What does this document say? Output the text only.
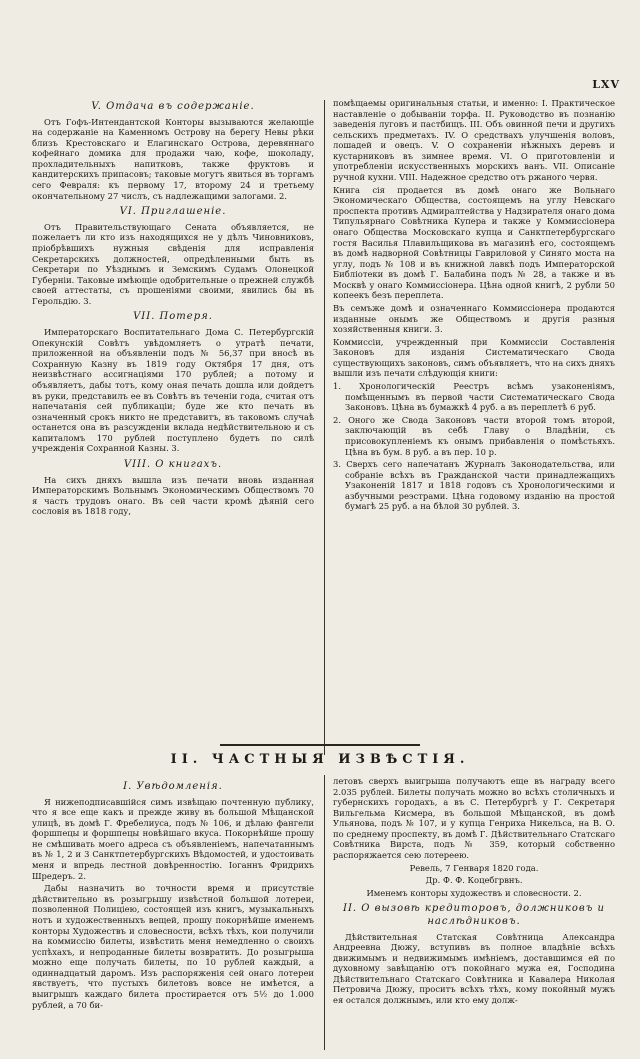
LXV
V. Отдача въ содержаніе.

Отъ Гофъ-Интендантской Конторы вызываются желающіе на содержаніе на Каменномъ Острову на берегу Невы рѣки близъ Крестовскаго и Елагинскаго Острова, деревяннаго кофейнаго домика для продажи чаю, кофе, шоколаду, прохладительныхъ напитковъ, также фруктовъ и кандитерскихъ припасовъ; таковые могутъ явиться въ торгамъ сего Февраля: къ первому 17, второму 24 и третьему окончательному 27 числъ, съ надлежащими залогами. 2.

VI. Приглашеніе.

Отъ Правительствующаго Сената объявляется, не пожелаетъ ли кто изъ находящихся не у дѣлъ Чиновниковъ, пріобрѣвшихъ нужныя свѣденія для исправленія Секретарскихъ должностей, опредѣленными быть въ Секретари по Уѣзднымъ и Земскимъ Судамъ Олонецкой Губерніи. Таковые имѣющіе одобрительные о прежней службѣ своей аттестаты, съ прошеніями своими, явились бы въ Герольдію. 3.

VII. Потеря.

Императорскаго Воспитательнаго Дома С. Петербургскій Опекунскій Совѣтъ увѣдомляетъ о утратѣ печати, приложенной на объявленіи подъ № 56,37 при вносѣ въ Сохранную Казну въ 1819 году Октября 17 дня, отъ неизвѣстнаго ассигнаціями 170 рублей; а потому и объявляетъ, дабы тотъ, кому оная печать дошла или дойдетъ въ руки, представилъ ее въ Совѣтъ въ теченіи года, считая отъ напечатанія сей публикаціи; буде же кто печать въ означенный срокъ никто не представитъ, въ таковомъ случаѣ останется она въ разсужденіи вклада недѣйствительною и съ капиталомъ 170 рублей поступлено будетъ по силѣ учрежденія Сохранной Казны. 3.

VIII. О книгахъ.

На сихъ дняхъ вышла изъ печати вновь изданная Императорскимъ Вольнымъ Экономическимъ Обществомъ 70 я часть трудовъ онаго. Въ сей части кромѣ дѣяній сего сословія въ 1818 году,

помѣщаемы оригинальныя статьи, и именно: I. Практическое наставленіе о добываніи торфа. II. Руководство въ познанію заведенія луговъ и пастбищъ. III. Объ овинной печи и другихъ сельскихъ предметахъ. IV. О средствахъ улучшенія воловъ, лошадей и овецъ. V. О сохраненіи нѣжныхъ деревъ и кустарниковъ въ зимнее время. VI. О приготовленіи и употребленіи искусственныхъ морскихъ ванъ. VII. Описаніе ручной кухни. VIII. Надежное средство отъ ржаного червя.

Книга сія продается въ домѣ онаго же Вольнаго Экономическаго Общества, состоящемъ на углу Невскаго проспекта противъ Адмиралтейства у Надзирателя онаго дома Типульярнаго Совѣтника Купера и также у Коммиссіонера онаго Общества Московскаго купца и Санктпетербургскаго гостя Василья Плавильщикова въ магазинѣ его, состоящемъ въ домѣ надворной Совѣтницы Гавриловой у Синяго моста на углу, подъ № 108 и въ книжной лавкѣ подъ Императорской Библіотеки въ домѣ Г. Балабина подъ № 28, а также и въ Москвѣ у онаго Коммиссіонера. Цѣна одной книгѣ, 2 рубли 50 копеекъ безъ переплета.

Въ семъже домѣ и означеннаго Коммиссіонера продаются изданные онымъ же Обществомъ и другія разныя хозяйственныя книги. 3.

Коммиссіи, учрежденный при Коммиссіи Составленія Законовъ для изданія Систематическаго Свода существующихъ законовъ, симъ объявляетъ, что на сихъ дняхъ вышли изъ печати слѣдующія книги:

1. Хронологическій Реестръ всѣмъ узаконеніямъ, помѣщеннымъ въ первой части Систематическаго Свода Законовъ. Цѣна въ бумажкѣ 4 руб. а въ переплетѣ 6 руб.

2. Оного же Свода Законовъ части второй томъ второй, заключающій въ себѣ Главу о Владѣніи, съ присовокупленіемъ къ онымъ прибавленія о помѣстьяхъ. Цѣна въ бум. 8 руб. а въ пер. 10 р.

3. Сверхъ сего напечатанъ Журналъ Законодательства, или собраніе всѣхъ въ Гражданской части принадлежащихъ Узаконеній 1817 и 1818 годовъ съ Хронологическими и азбучными реэстрами. Цѣна годовому изданію на простой бумагѣ 25 руб. а на бѣлой 30 рублей. 3.

II. ЧАСТНЫЯ ИЗВѢСТІЯ.
I. Увѣдомленія.

Я нижеподписавшійся симъ извѣщаю почтенную публику, что я все еще какъ и прежде живу въ большой Мѣщанской улицѣ, въ домѣ Г. Фребелиуса, подъ № 106, и дѣлаю фангели форшпецы и форшпецы новѣйшаго вкуса. Покорнѣйше прошу не смѣшивать моего адреса съ объявленіемъ, напечатаннымъ въ № 1, 2 и 3 Санктпетербургскихъ Вѣдомостей, и удостоивать меня и впредь лестной довѣренностію. Іоганнъ Фридрихъ Шредеръ. 2.

Дабы назначить во точности время и присутствіе дѣйствительно въ розыгрышу извѣстной большой лотереи, позволенной Полиціею, состоящей изъ книгъ, музыкальныхъ нотъ и художественныхъ вещей, прошу покорнѣйше именемъ конторы Художествъ и словесности, всѣхъ тѣхъ, кои получили на коммиссію билеты, извѣстить меня немедленно о своихъ успѣхахъ, и непроданные билеты возвратить. До розыгрыша можно еще получать билеты, по 10 рублей каждый, а одиннадцатый даромъ. Изъ распоряженія сей онаго лотереи явствуетъ, что пустыхъ билетовъ вовсе не имѣется, а выигрышъ каждаго билета простирается отъ 5½ до 1.000 рублей, а 70 би-

летовъ сверхъ выигрыша получаютъ еще въ награду всего 2.035 рублей. Билеты получать можно во всѣхъ столичныхъ и губернскихъ городахъ, а въ С. Петербургѣ у Г. Секретаря Вильгельма Кисмера, въ большой Мѣщанской, въ домѣ Ульянова, подъ № 107, и у купца Генриха Никельса, на В. О. по среднему проспекту, въ домѣ Г. Дѣйствительнаго Статскаго Совѣтника Вирста, подъ № 359, который собственно распоряжается сею лотереею.

Ревель, 7 Генваря 1820 года.
Др. Ф. Ф. Коцебгрвнъ.
Именемъ конторы художествъ и словесности. 2.
II. О вызовѣ кредиторовъ, должниковъ и наслѣдниковъ.

Дѣйствительная Статская Совѣтница Александра Андреевна Дюжу, вступивъ въ полное владѣніе всѣхъ движимымъ и недвижимымъ имѣніемъ, доставшимся ей по духовному завѣщанію отъ покойнаго мужа ея, Господина Дѣйствительнаго Статскаго Совѣтника и Кавалера Николая Петровича Дюжу, проситъ всѣхъ тѣхъ, кому покойный мужъ ея остался должнымъ, или кто ему долж-
